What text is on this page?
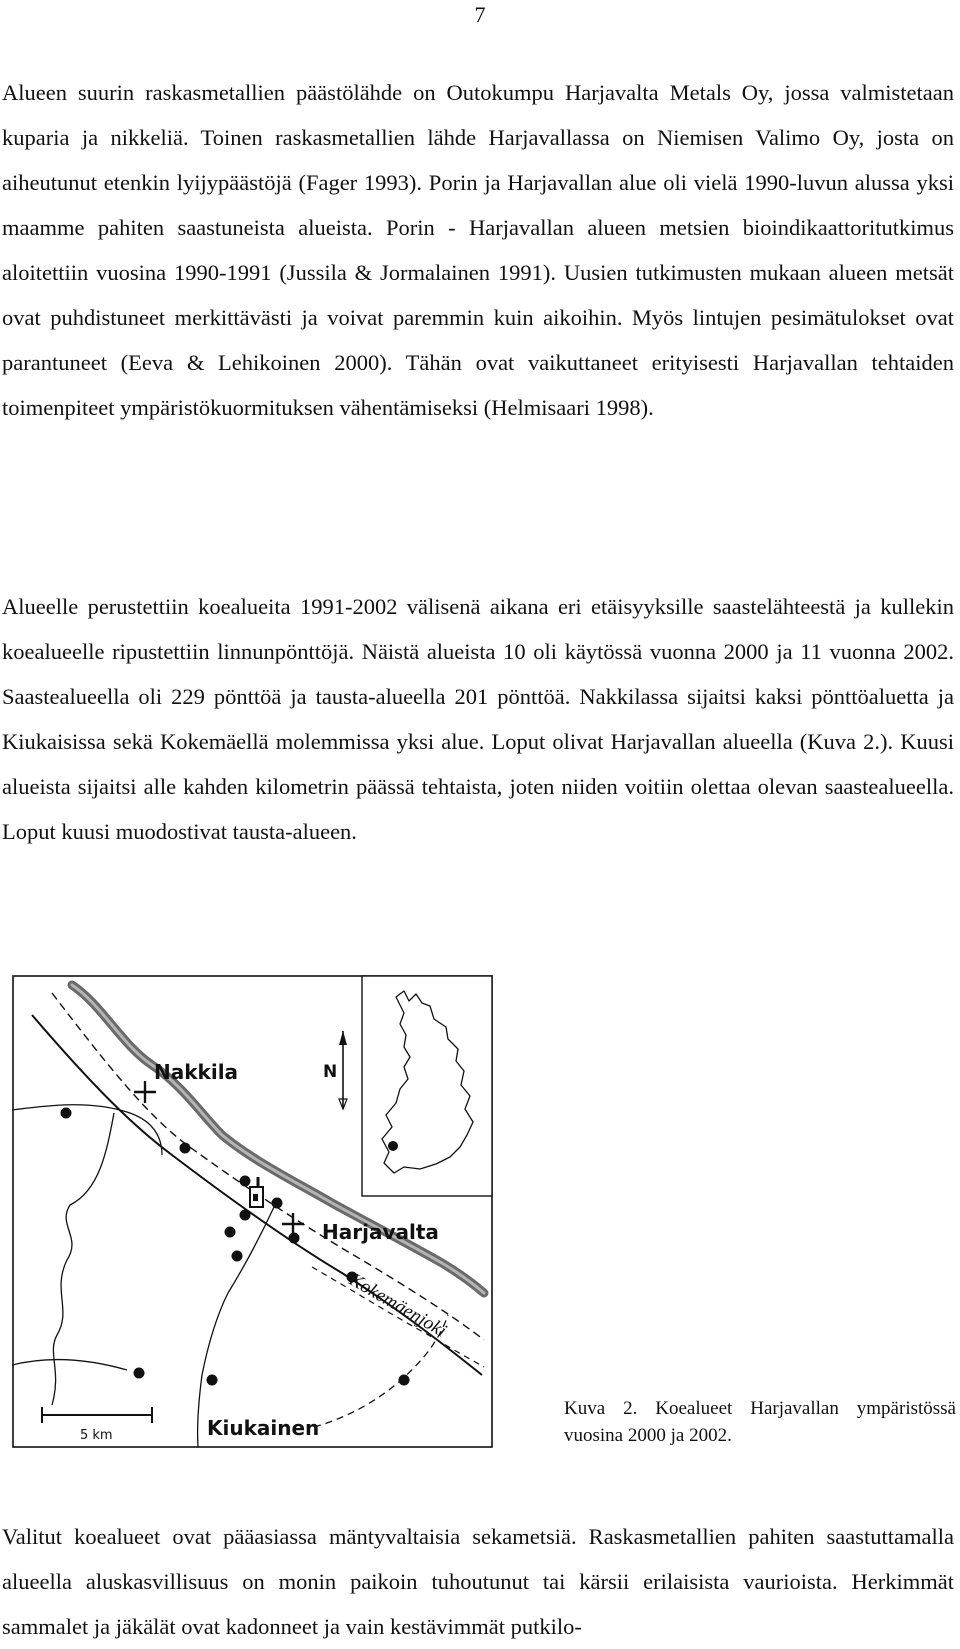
7

Alueen suurin raskasmetallien päästölähde on Outokumpu Harjavalta Metals Oy, jossa valmistetaan kuparia ja nikkeliä. Toinen raskasmetallien lähde Harjavallassa on Niemisen Valimo Oy, josta on aiheutunut etenkin lyijypäästöjä (Fager 1993). Porin ja Harjavallan alue oli vielä 1990-luvun alussa yksi maamme pahiten saastuneista alueista. Porin - Harjavallan alueen metsien bioindikaattoritutkimus aloitettiin vuosina 1990-1991 (Jussila & Jormalainen 1991). Uusien tutkimusten mukaan alueen metsät ovat puhdistuneet merkittävästi ja voivat paremmin kuin aikoihin. Myös lintujen pesimätulokset ovat parantuneet (Eeva & Lehikoinen 2000). Tähän ovat vaikuttaneet erityisesti Harjavallan tehtaiden toimenpiteet ympäristökuormituksen vähentämiseksi (Helmisaari 1998).

Alueelle perustettiin koealueita 1991-2002 välisenä aikana eri etäisyyksille saastelähteestä ja kullekin koealueelle ripustettiin linnunpönttöjä. Näistä alueista 10 oli käytössä vuonna 2000 ja 11 vuonna 2002. Saastealueella oli 229 pönttöä ja tausta-alueella 201 pönttöä. Nakkilassa sijaitsi kaksi pönttöaluetta ja Kiukaisissa sekä Kokemäellä molemmissa yksi alue. Loput olivat Harjavallan alueella (Kuva 2.). Kuusi alueista sijaitsi alle kahden kilometrin päässä tehtaista, joten niiden voitiin olettaa olevan saastealueella. Loput kuusi muodostivat tausta-alueen.

N
5 km
Nakkila
Harjavalta
Kiukainen
Kokemäenjoki

Kuva 2. Koealueet Harjavallan ympäristössä vuosina 2000 ja 2002.

Valitut koealueet ovat pääasiassa mäntyvaltaisia sekametsiä. Raskasmetallien pahiten saastuttamalla alueella aluskasvillisuus on monin paikoin tuhoutunut tai kärsii erilaisista vaurioista. Herkimmät sammalet ja jäkälät ovat kadonneet ja vain kestävimmät putkilo-
